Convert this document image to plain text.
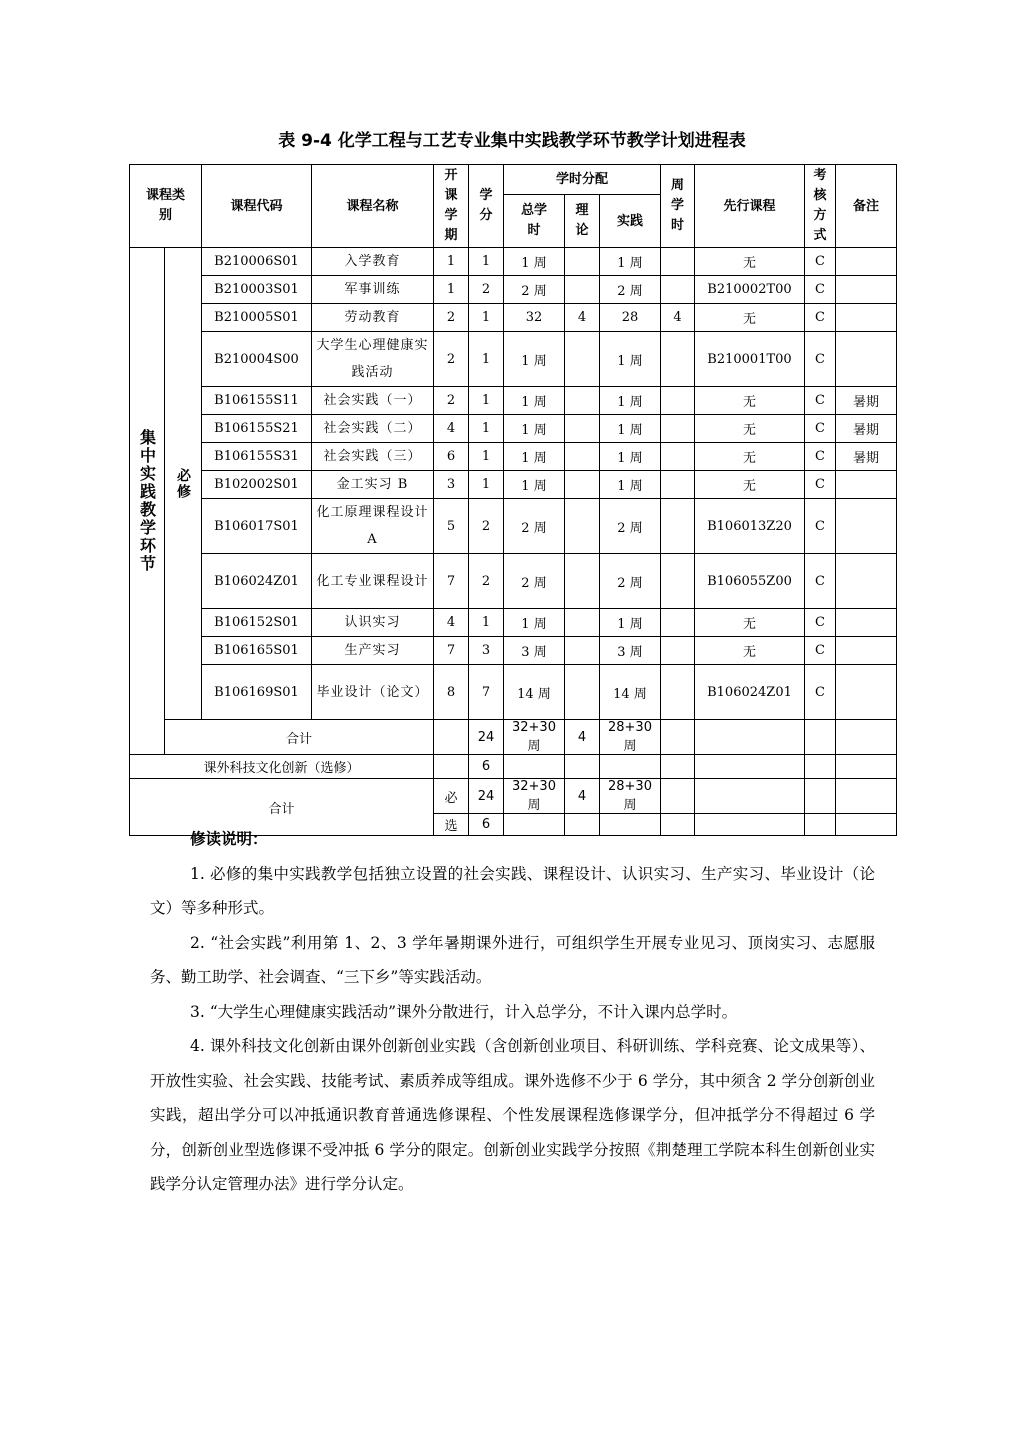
表 9-4 化学工程与工艺专业集中实践教学环节教学计划进程表
课程类别		课程代码	课程名称	开课学期	学分	学时分配			周学时	先行课程	考核方式	备注

						总学时	理论	实践				

集中实践教学环节	必修	B210006S01	入学教育	1	1	1 周		1 周		无	C	
		B210003S01	军事训练	1	2	2 周		2 周		B210002T00	C	
		B210005S01	劳动教育	2	1	32	4	28	4	无	C	
		B210004S00	大学生心理健康实践活动	2	1	1 周		1 周		B210001T00	C	
		B106155S11	社会实践（一）	2	1	1 周		1 周		无	C	暑期
		B106155S21	社会实践（二）	4	1	1 周		1 周		无	C	暑期
		B106155S31	社会实践（三）	6	1	1 周		1 周		无	C	暑期
		B102002S01	金工实习 B	3	1	1 周		1 周		无	C	
		B106017S01	化工原理课程设计 A	5	2	2 周		2 周		B106013Z20	C	
		B106024Z01	化工专业课程设计	7	2	2 周		2 周		B106055Z00	C	
		B106152S01	认识实习	4	1	1 周		1 周		无	C	
		B106165S01	生产实习	7	3	3 周		3 周		无	C	
		B106169S01	毕业设计（论文）	8	7	14 周		14 周		B106024Z01	C	
	合计				24	32+30 周	4	28+30 周				
课外科技文化创新（选修）					6							
合计				必	24	32+30 周	4	28+30 周				
				选	6							
修读说明：

1. 必修的集中实践教学包括独立设置的社会实践、课程设计、认识实习、生产实习、毕业设计（论文）等多种形式。

2. “社会实践”利用第 1、2、3 学年暑期课外进行，可组织学生开展专业见习、顶岗实习、志愿服务、勤工助学、社会调查、“三下乡”等实践活动。

3. “大学生心理健康实践活动”课外分散进行，计入总学分，不计入课内总学时。

4. 课外科技文化创新由课外创新创业实践（含创新创业项目、科研训练、学科竞赛、论文成果等）、开放性实验、社会实践、技能考试、素质养成等组成。课外选修不少于 6 学分，其中须含 2 学分创新创业实践，超出学分可以冲抵通识教育普通选修课程、个性发展课程选修课学分，但冲抵学分不得超过 6 学分，创新创业型选修课不受冲抵 6 学分的限定。创新创业实践学分按照《荆楚理工学院本科生创新创业实践学分认定管理办法》进行学分认定。
